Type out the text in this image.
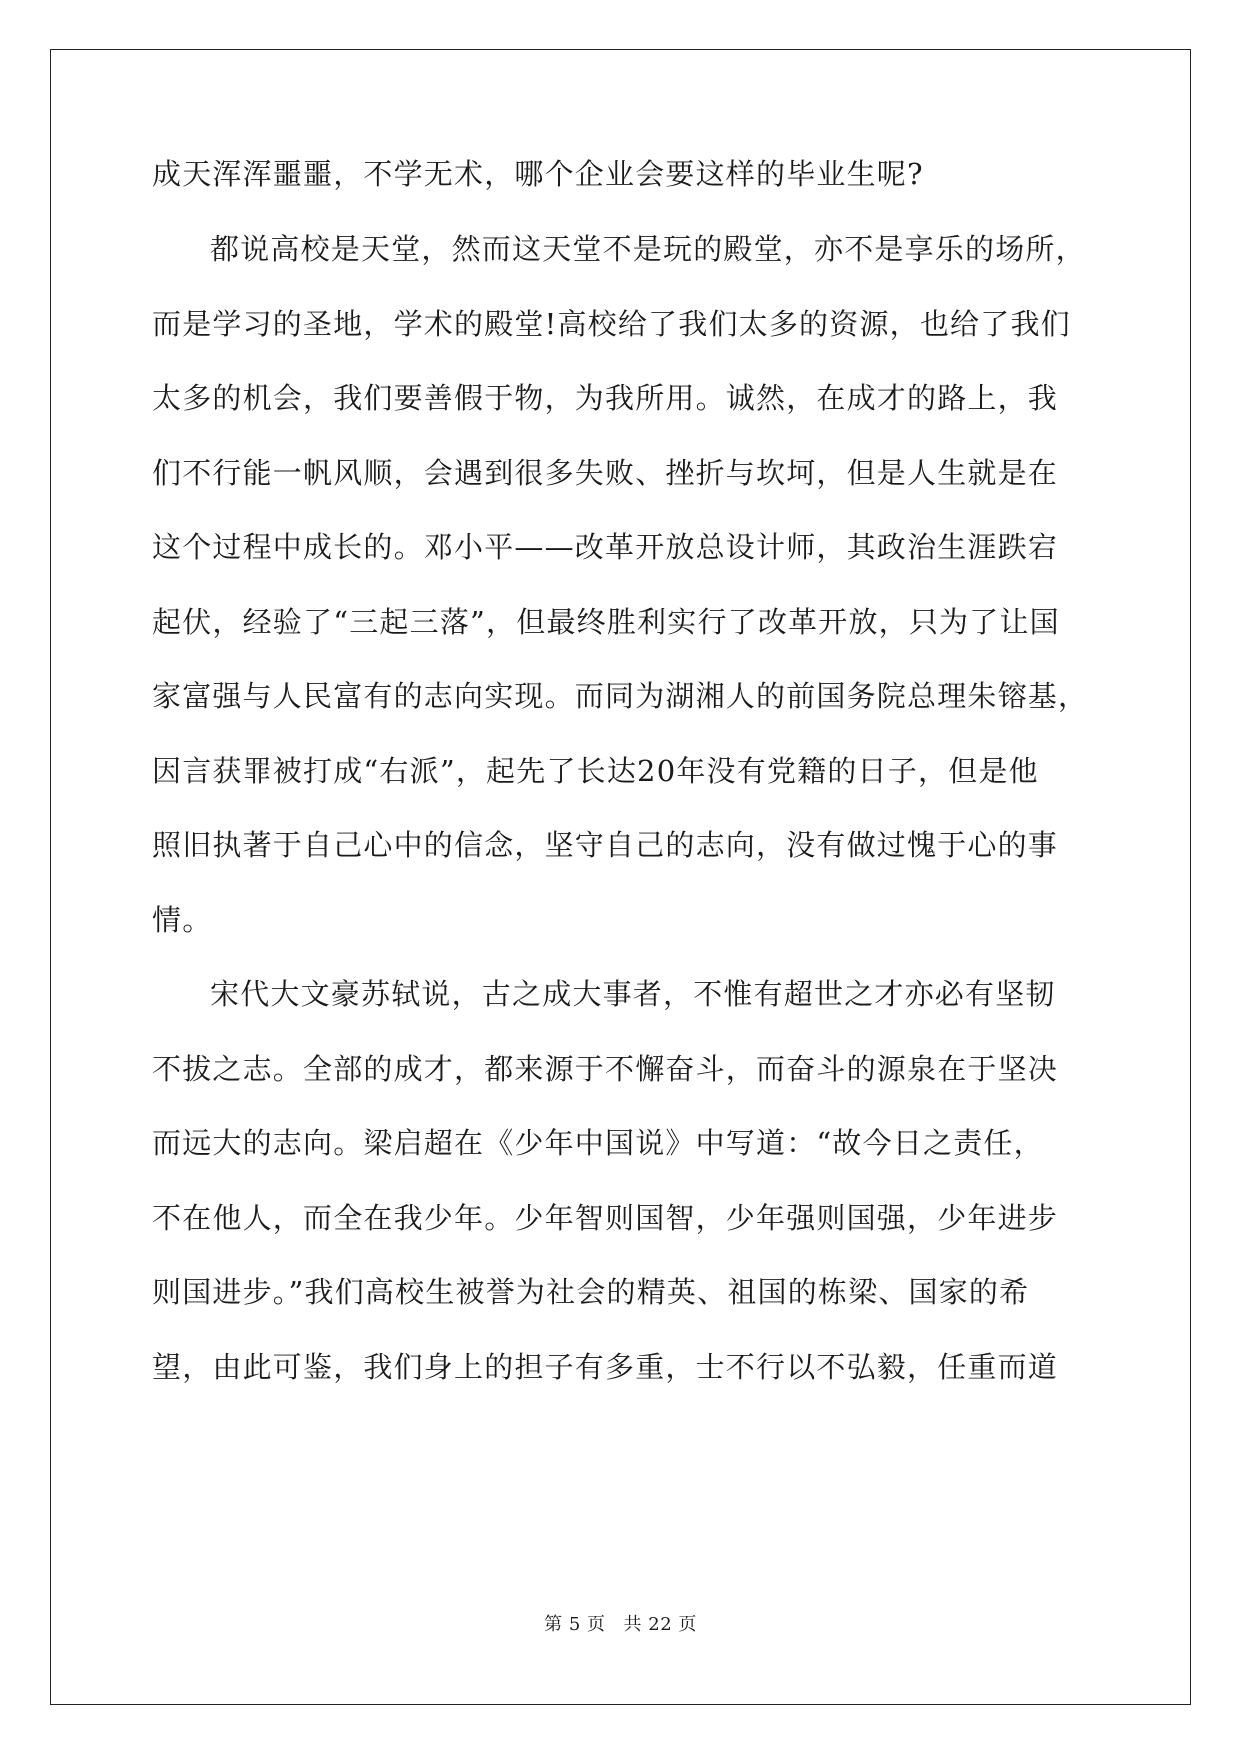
成天浑浑噩噩，不学无术，哪个企业会要这样的毕业生呢?
都说高校是天堂，然而这天堂不是玩的殿堂，亦不是享乐的场所，
而是学习的圣地，学术的殿堂!高校给了我们太多的资源，也给了我们
太多的机会，我们要善假于物，为我所用。诚然，在成才的路上，我
们不行能一帆风顺，会遇到很多失败、挫折与坎坷，但是人生就是在
这个过程中成长的。邓小平——改革开放总设计师，其政治生涯跌宕
起伏，经验了“三起三落”，但最终胜利实行了改革开放，只为了让国
家富强与人民富有的志向实现。而同为湖湘人的前国务院总理朱镕基，
因言获罪被打成“右派”，起先了长达20年没有党籍的日子，但是他
照旧执著于自己心中的信念，坚守自己的志向，没有做过愧于心的事
情。
宋代大文豪苏轼说，古之成大事者，不惟有超世之才亦必有坚韧
不拔之志。全部的成才，都来源于不懈奋斗，而奋斗的源泉在于坚决
而远大的志向。梁启超在《少年中国说》中写道：“故今日之责任，
不在他人，而全在我少年。少年智则国智，少年强则国强，少年进步
则国进步。”我们高校生被誉为社会的精英、祖国的栋梁、国家的希
望，由此可鉴，我们身上的担子有多重，士不行以不弘毅，任重而道
第 5 页 共 22 页
